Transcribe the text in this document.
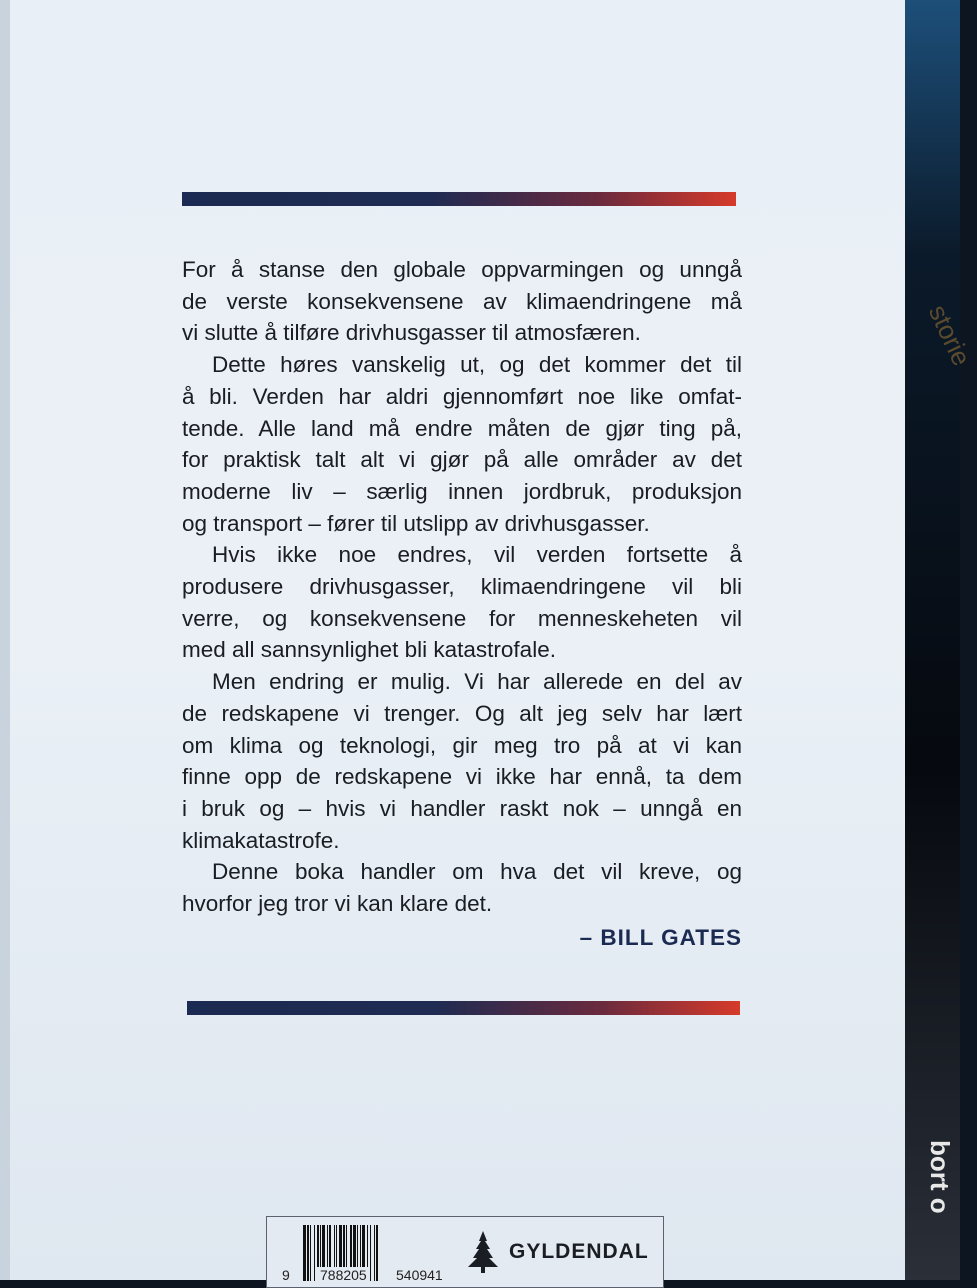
storie
bort o
For å stanse den globale oppvarmingen og unngå
de verste konsekvensene av klimaendringene må
vi slutte å tilføre drivhusgasser til atmosfæren.
Dette høres vanskelig ut, og det kommer det til
å bli. Verden har aldri gjennomført noe like omfat-
tende. Alle land må endre måten de gjør ting på,
for praktisk talt alt vi gjør på alle områder av det
moderne liv – særlig innen jordbruk, produksjon
og transport – fører til utslipp av drivhusgasser.
Hvis ikke noe endres, vil verden fortsette å
produsere drivhusgasser, klimaendringene vil bli
verre, og konsekvensene for menneskeheten vil
med all sannsynlighet bli katastrofale.
Men endring er mulig. Vi har allerede en del av
de redskapene vi trenger. Og alt jeg selv har lært
om klima og teknologi, gir meg tro på at vi kan
finne opp de redskapene vi ikke har ennå, ta dem
i bruk og – hvis vi handler raskt nok – unngå en
klimakatastrofe.
Denne boka handler om hva det vil kreve, og
hvorfor jeg tror vi kan klare det.
– BILL GATES
9 788205 540941
GYLDENDAL
